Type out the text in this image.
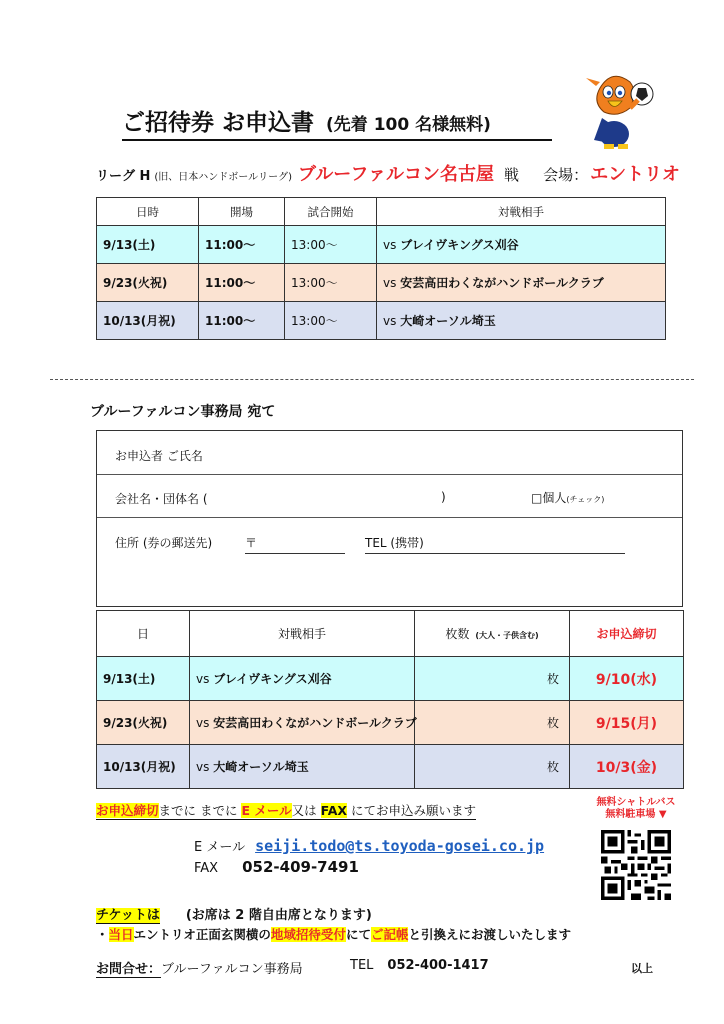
ご招待券 お申込書 (先着 100 名様無料)
リーグ H (旧、日本ハンドボールリーグ) ブルーファルコン名古屋 戦 会場： エントリオ
日時	開場	試合開始	対戦相手
9/13(土)	11:00～	13:00～	vs ブレイヴキングス刈谷
9/23(火祝)	11:00～	13:00～	vs 安芸高田わくながハンドボールクラブ
10/13(月祝)	11:00～	13:00～	vs 大崎オーソル埼玉
ブルーファルコン事務局 宛て
お申込者 ご氏名
会社名・団体名 (	)	□個人(チェック)
住所 (券の郵送先)	〒	TEL (携帯)
日	対戦相手	枚数 (大人・子供含む)	お申込締切
9/13(土)	vs ブレイヴキングス刈谷	枚	9/10(水)
9/23(火祝)	vs 安芸高田わくながハンドボールクラブ	枚	9/15(月)
10/13(月祝)	vs 大崎オーソル埼玉	枚	10/3(金)
お申込締切までに までに E メール又は FAX にてお申込み願います
無料シャトルバス
無料駐車場 ▼
E メール seiji.todo@ts.toyoda-gosei.co.jp
FAX 052-409-7491
チケットは (お席は 2 階自由席となります)
・当日エントリオ正面玄関横の地域招待受付にてご記帳と引換えにお渡しいたします
お問合せ：ブルーファルコン事務局	TEL 052-400-1417	以上
